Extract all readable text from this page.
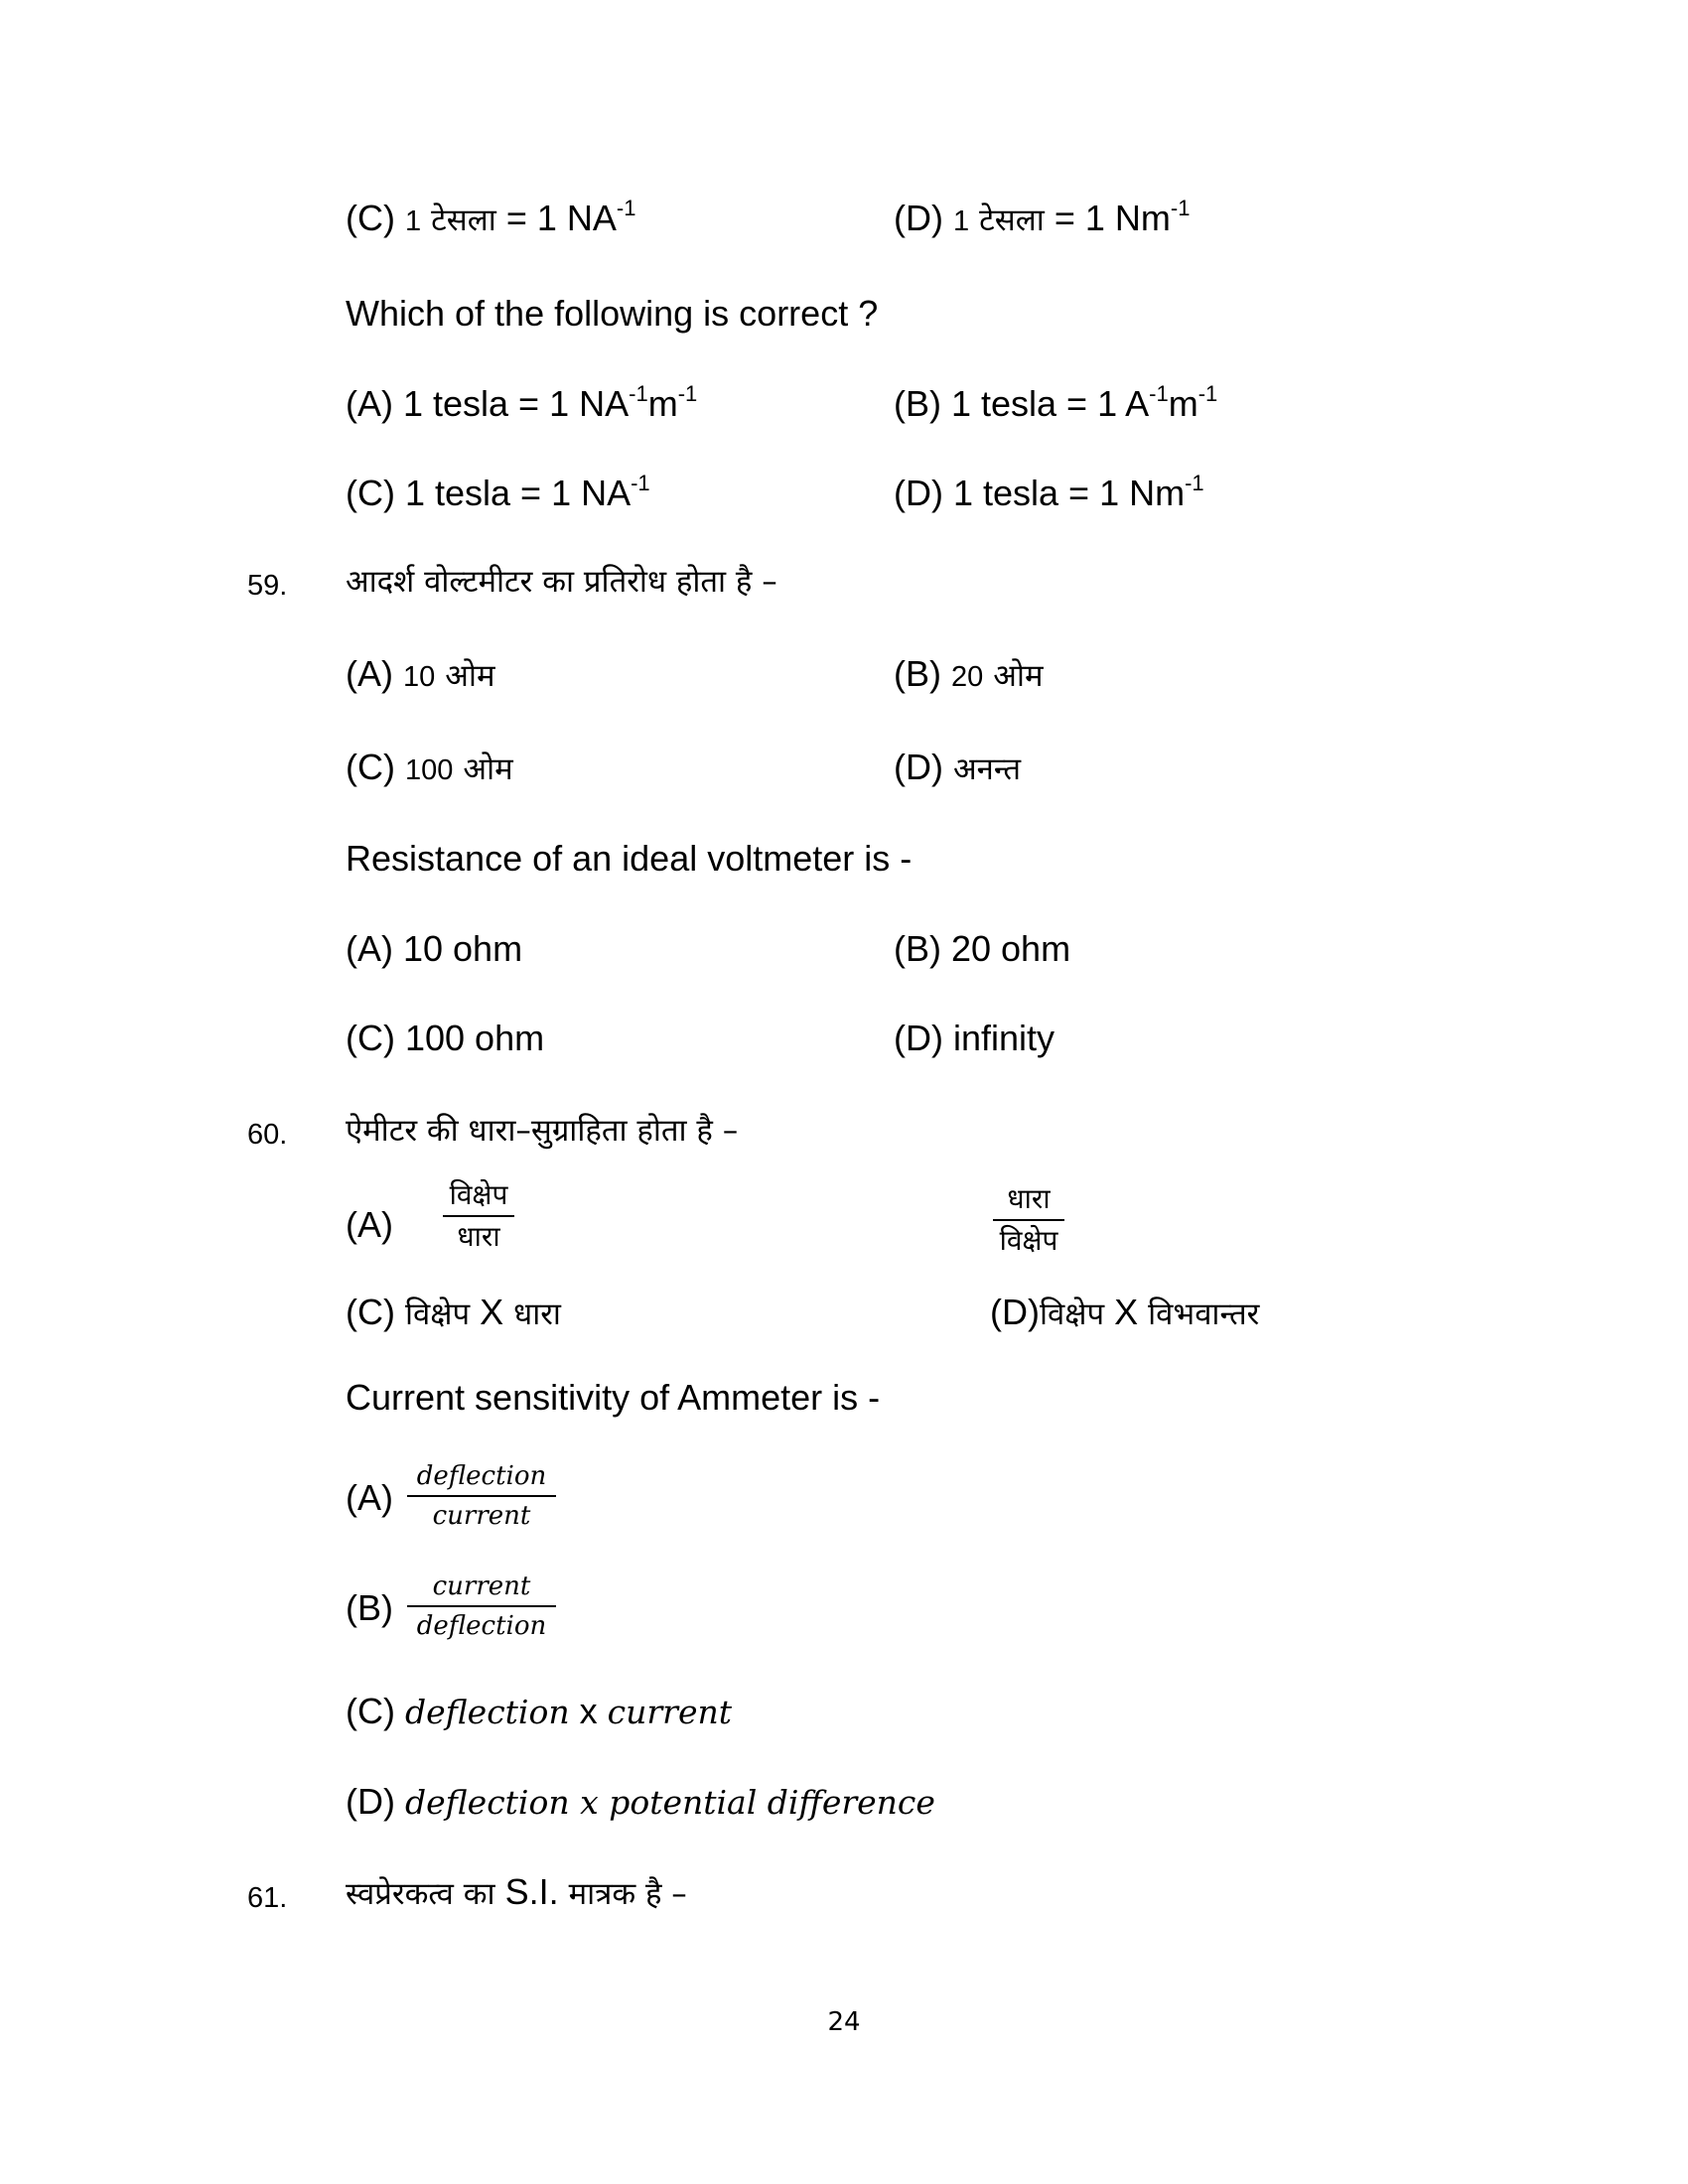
(C) 1 टेसला = 1 $NA^{-1}$	(D) 1 टेसला = 1 $Nm^{-1}$
Which of the following is correct ?
(A) 1 tesla = 1 $NA^{-1}m^{-1}$	(B) 1 tesla = 1 $A^{-1}m^{-1}$
(C) 1 tesla = 1 $NA^{-1}$	(D) 1 tesla = 1 $Nm^{-1}$
59. आदर्श वोल्टमीटर का प्रतिरोध होता है –
(A) 10 ओम	(B) 20 ओम
(C) 100 ओम	(D) अनन्त
Resistance of an ideal voltmeter is -
(A) 10 ohm	(B) 20 ohm
(C) 100 ohm	(D) infinity
60. ऐमीटर की धारा–सुग्राहिता होता है –
(A)
विक्षेप
धारा
धारा
विक्षेप
(C) विक्षेप X धारा	(D)विक्षेप X विभवान्तर
Current sensitivity of Ammeter is -
(A)
deflection
current
(B)
current
deflection
(C) deflection x current
(D) deflection x potential difference
61. स्वप्रेरकत्व का S.I. मात्रक है –
24
